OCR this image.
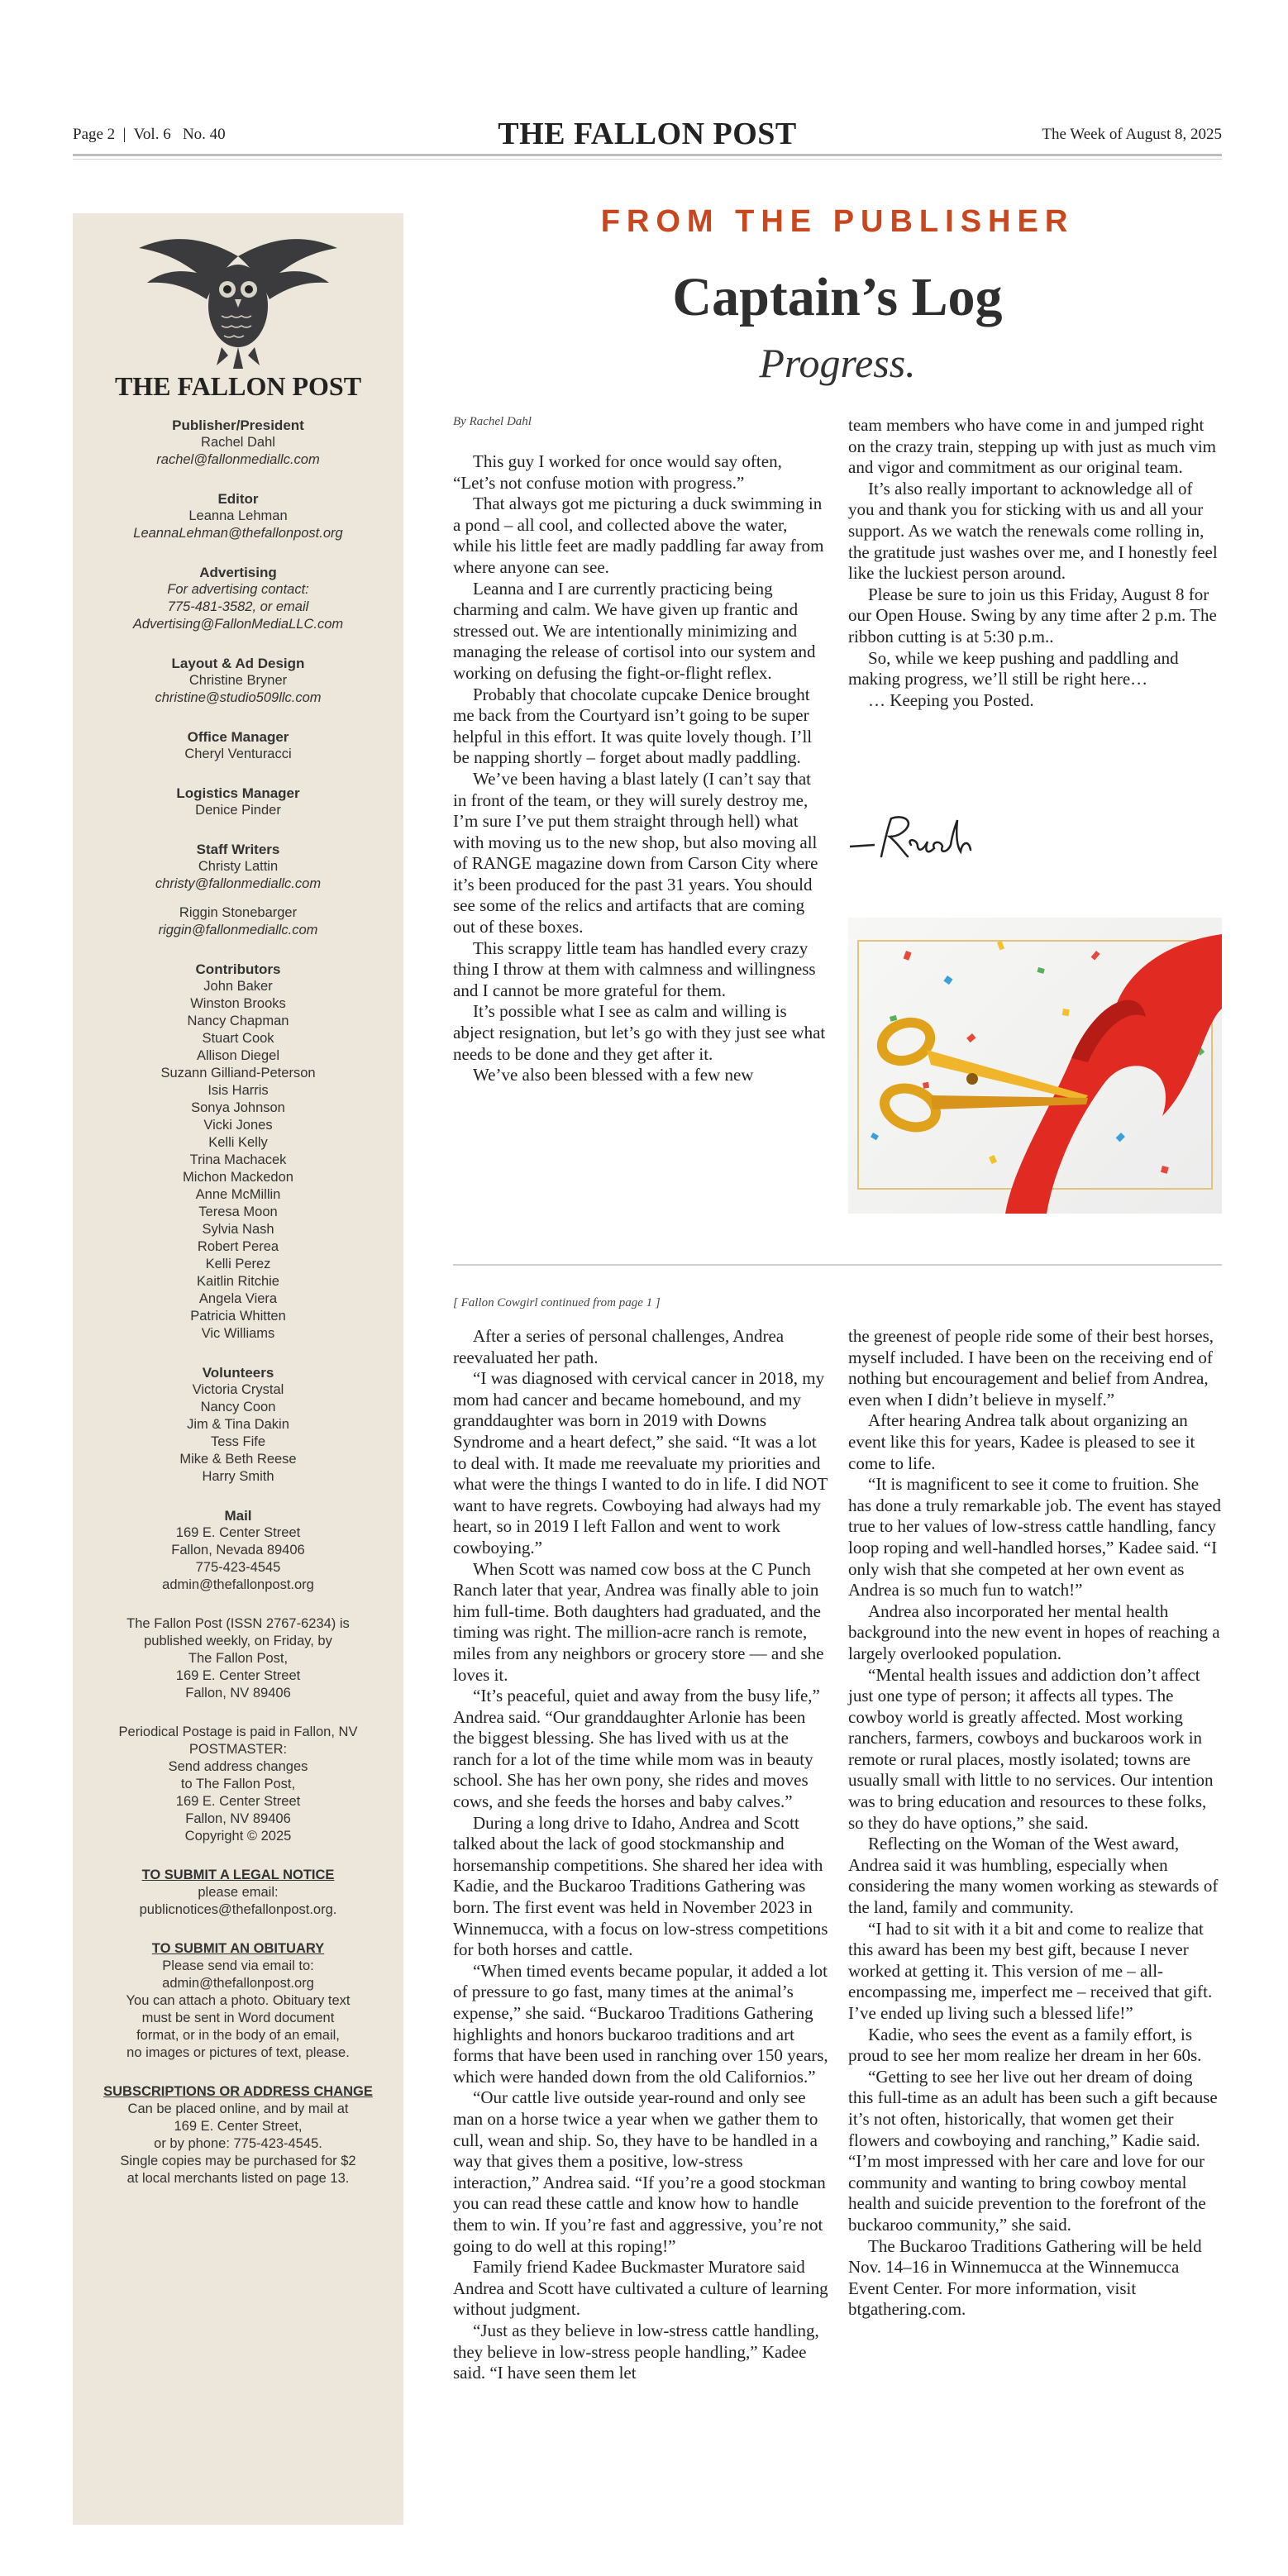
Page 2  |  Vol. 6   No. 40	THE FALLON POST	The Week of August 8, 2025
THE FALLON POST
Publisher/President
Rachel Dahl
rachel@fallonmediallc.com
Editor
Leanna Lehman
LeannaLehman@thefallonpost.org
Advertising
For advertising contact:
775-481-3582, or email
Advertising@FallonMediaLLC.com
Layout & Ad Design
Christine Bryner
christine@studio509llc.com
Office Manager
Cheryl Venturacci
Logistics Manager
Denice Pinder
Staff Writers
Christy Lattin
christy@fallonmediallc.com
Riggin Stonebarger
riggin@fallonmediallc.com
Contributors
John Baker
Winston Brooks
Nancy Chapman
Stuart Cook
Allison Diegel
Suzann Gilliand-Peterson
Isis Harris
Sonya Johnson
Vicki Jones
Kelli Kelly
Trina Machacek
Michon Mackedon
Anne McMillin
Teresa Moon
Sylvia Nash
Robert Perea
Kelli Perez
Kaitlin Ritchie
Angela Viera
Patricia Whitten
Vic Williams
Volunteers
Victoria Crystal
Nancy Coon
Jim & Tina Dakin
Tess Fife
Mike & Beth Reese
Harry Smith
Mail
169 E. Center Street
Fallon, Nevada 89406
775-423-4545
admin@thefallonpost.org
The Fallon Post (ISSN 2767-6234) is
published weekly, on Friday, by
The Fallon Post,
169 E. Center Street
Fallon, NV 89406
Periodical Postage is paid in Fallon, NV
POSTMASTER:
Send address changes
to The Fallon Post,
169 E. Center Street
Fallon, NV 89406
Copyright © 2025
TO SUBMIT A LEGAL NOTICE
please email:
publicnotices@thefallonpost.org.
TO SUBMIT AN OBITUARY
Please send via email to:
admin@thefallonpost.org
You can attach a photo. Obituary text
must be sent in Word document
format, or in the body of an email,
no images or pictures of text, please.
SUBSCRIPTIONS OR ADDRESS CHANGE
Can be placed online, and by mail at
169 E. Center Street,
or by phone: 775-423-4545.
Single copies may be purchased for $2
at local merchants listed on page 13.
FROM THE PUBLISHER
Captain’s Log
Progress.
By Rachel Dahl

This guy I worked for once would say often, “Let’s not confuse motion with progress.”

That always got me picturing a duck swimming in a pond – all cool, and collected above the water, while his little feet are madly paddling far away from where anyone can see.

Leanna and I are currently practicing being charming and calm. We have given up frantic and stressed out. We are intentionally minimizing and managing the release of cortisol into our system and working on defusing the fight-or-flight reflex.

Probably that chocolate cupcake Denice brought me back from the Courtyard isn’t going to be super helpful in this effort. It was quite lovely though. I’ll be napping shortly – forget about madly paddling.

We’ve been having a blast lately (I can’t say that in front of the team, or they will surely destroy me, I’m sure I’ve put them straight through hell) what with moving us to the new shop, but also moving all of RANGE magazine down from Carson City where it’s been produced for the past 31 years. You should see some of the relics and artifacts that are coming out of these boxes.

This scrappy little team has handled every crazy thing I throw at them with calmness and willingness and I cannot be more grateful for them.

It’s possible what I see as calm and willing is abject resignation, but let’s go with they just see what needs to be done and they get after it.

We’ve also been blessed with a few new

team members who have come in and jumped right on the crazy train, stepping up with just as much vim and vigor and commitment as our original team.

It’s also really important to acknowledge all of you and thank you for sticking with us and all your support. As we watch the renewals come rolling in, the gratitude just washes over me, and I honestly feel like the luckiest person around.

Please be sure to join us this Friday, August 8 for our Open House. Swing by any time after 2 p.m. The ribbon cutting is at 5:30 p.m..

So, while we keep pushing and paddling and making progress, we’ll still be right here…

… Keeping you Posted.

[ Fallon Cowgirl continued from page 1 ]

After a series of personal challenges, Andrea reevaluated her path.

“I was diagnosed with cervical cancer in 2018, my mom had cancer and became homebound, and my granddaughter was born in 2019 with Downs Syndrome and a heart defect,” she said. “It was a lot to deal with. It made me reevaluate my priorities and what were the things I wanted to do in life. I did NOT want to have regrets. Cowboying had always had my heart, so in 2019 I left Fallon and went to work cowboying.”

When Scott was named cow boss at the C Punch Ranch later that year, Andrea was finally able to join him full-time. Both daughters had graduated, and the timing was right. The million-acre ranch is remote, miles from any neighbors or grocery store — and she loves it.

“It’s peaceful, quiet and away from the busy life,” Andrea said. “Our granddaughter Arlonie has been the biggest blessing. She has lived with us at the ranch for a lot of the time while mom was in beauty school. She has her own pony, she rides and moves cows, and she feeds the horses and baby calves.”

During a long drive to Idaho, Andrea and Scott talked about the lack of good stockmanship and horsemanship competitions. She shared her idea with Kadie, and the Buckaroo Traditions Gathering was born. The first event was held in November 2023 in Winnemucca, with a focus on low-stress competitions for both horses and cattle.

“When timed events became popular, it added a lot of pressure to go fast, many times at the animal’s expense,” she said. “Buckaroo Traditions Gathering highlights and honors buckaroo traditions and art forms that have been used in ranching over 150 years, which were handed down from the old Californios.”

“Our cattle live outside year-round and only see man on a horse twice a year when we gather them to cull, wean and ship. So, they have to be handled in a way that gives them a positive, low-stress interaction,” Andrea said. “If you’re a good stockman you can read these cattle and know how to handle them to win. If you’re fast and aggressive, you’re not going to do well at this roping!”

Family friend Kadee Buckmaster Muratore said Andrea and Scott have cultivated a culture of learning without judgment.

“Just as they believe in low-stress cattle handling, they believe in low-stress people handling,” Kadee said. “I have seen them let

the greenest of people ride some of their best horses, myself included. I have been on the receiving end of nothing but encouragement and belief from Andrea, even when I didn’t believe in myself.”

After hearing Andrea talk about organizing an event like this for years, Kadee is pleased to see it come to life.

“It is magnificent to see it come to fruition. She has done a truly remarkable job. The event has stayed true to her values of low-stress cattle handling, fancy loop roping and well-handled horses,” Kadee said. “I only wish that she competed at her own event as Andrea is so much fun to watch!”

Andrea also incorporated her mental health background into the new event in hopes of reaching a largely overlooked population.

“Mental health issues and addiction don’t affect just one type of person; it affects all types. The cowboy world is greatly affected. Most working ranchers, farmers, cowboys and buckaroos work in remote or rural places, mostly isolated; towns are usually small with little to no services. Our intention was to bring education and resources to these folks, so they do have options,” she said.

Reflecting on the Woman of the West award, Andrea said it was humbling, especially when considering the many women working as stewards of the land, family and community.

“I had to sit with it a bit and come to realize that this award has been my best gift, because I never worked at getting it. This version of me – all-encompassing me, imperfect me – received that gift. I’ve ended up living such a blessed life!”

Kadie, who sees the event as a family effort, is proud to see her mom realize her dream in her 60s.

“Getting to see her live out her dream of doing this full-time as an adult has been such a gift because it’s not often, historically, that women get their flowers and cowboying and ranching,” Kadie said. “I’m most impressed with her care and love for our community and wanting to bring cowboy mental health and suicide prevention to the forefront of the buckaroo community,” she said.

The Buckaroo Traditions Gathering will be held Nov. 14–16 in Winnemucca at the Winnemucca Event Center. For more information, visit btgathering.com.
